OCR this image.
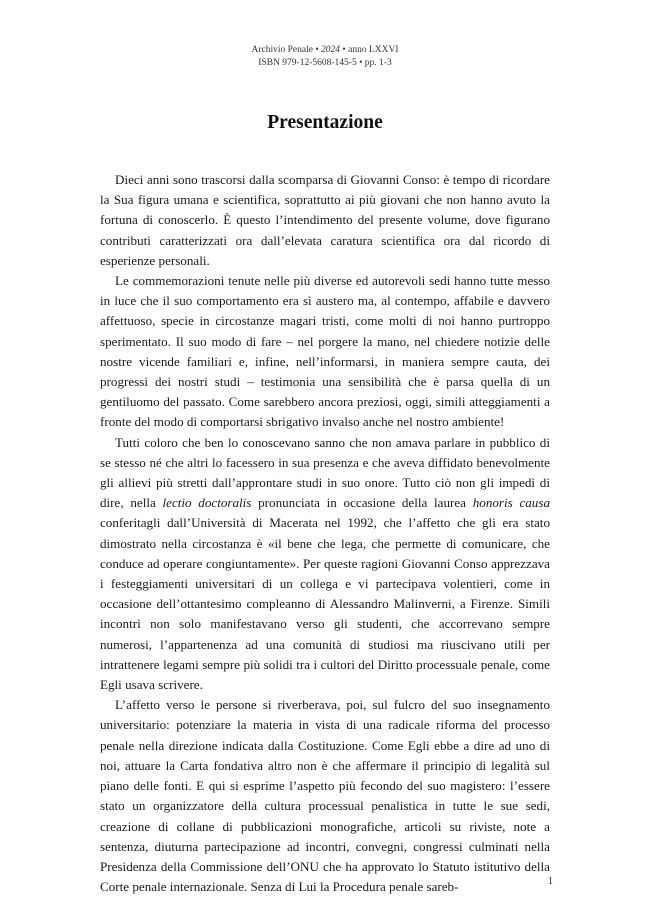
Archivio Penale • 2024 • anno LXXVI
ISBN 979-12-5608-145-5 • pp. 1-3
Presentazione

Dieci anni sono trascorsi dalla scomparsa di Giovanni Conso: è tempo di ricordare la Sua figura umana e scientifica, soprattutto ai più giovani che non hanno avuto la fortuna di conoscerlo. È questo l’intendimento del presente volume, dove figurano contributi caratterizzati ora dall’elevata caratura scientifica ora dal ricordo di esperienze personali.

Le commemorazioni tenute nelle più diverse ed autorevoli sedi hanno tutte messo in luce che il suo comportamento era sì austero ma, al contempo, affabile e davvero affettuoso, specie in circostanze magari tristi, come molti di noi hanno purtroppo sperimentato. Il suo modo di fare – nel porgere la mano, nel chiedere notizie delle nostre vicende familiari e, infine, nell’informarsi, in maniera sempre cauta, dei progressi dei nostri studi – testimonia una sensibilità che è parsa quella di un gentiluomo del passato. Come sarebbero ancora preziosi, oggi, simili atteggiamenti a fronte del modo di comportarsi sbrigativo invalso anche nel nostro ambiente!

Tutti coloro che ben lo conoscevano sanno che non amava parlare in pubblico di se stesso né che altri lo facessero in sua presenza e che aveva diffidato benevolmente gli allievi più stretti dall’approntare studi in suo onore. Tutto ciò non gli impedì di dire, nella lectio doctoralis pronunciata in occasione della laurea honoris causa conferitagli dall’Università di Macerata nel 1992, che l’affetto che gli era stato dimostrato nella circostanza è «il bene che lega, che permette di comunicare, che conduce ad operare congiuntamente». Per queste ragioni Giovanni Conso apprezzava i festeggiamenti universitari di un collega e vi partecipava volentieri, come in occasione dell’ottantesimo compleanno di Alessandro Malinverni, a Firenze. Simili incontri non solo manifestavano verso gli studenti, che accorrevano sempre numerosi, l’appartenenza ad una comunità di studiosi ma riuscivano utili per intrattenere legami sempre più solidi tra i cultori del Diritto processuale penale, come Egli usava scrivere.

L’affetto verso le persone si riverberava, poi, sul fulcro del suo insegnamento universitario: potenziare la materia in vista di una radicale riforma del processo penale nella direzione indicata dalla Costituzione. Come Egli ebbe a dire ad uno di noi, attuare la Carta fondativa altro non è che affermare il principio di legalità sul piano delle fonti. E qui si esprime l’aspetto più fecondo del suo magistero: l’essere stato un organizzatore della cultura processual penalistica in tutte le sue sedi, creazione di collane di pubblicazioni monografiche, articoli su riviste, note a sentenza, diuturna partecipazione ad incontri, convegni, congressi culminati nella Presidenza della Commissione dell’ONU che ha approvato lo Statuto istitutivo della Corte penale internazionale. Senza di Lui la Procedura penale sareb-	1
